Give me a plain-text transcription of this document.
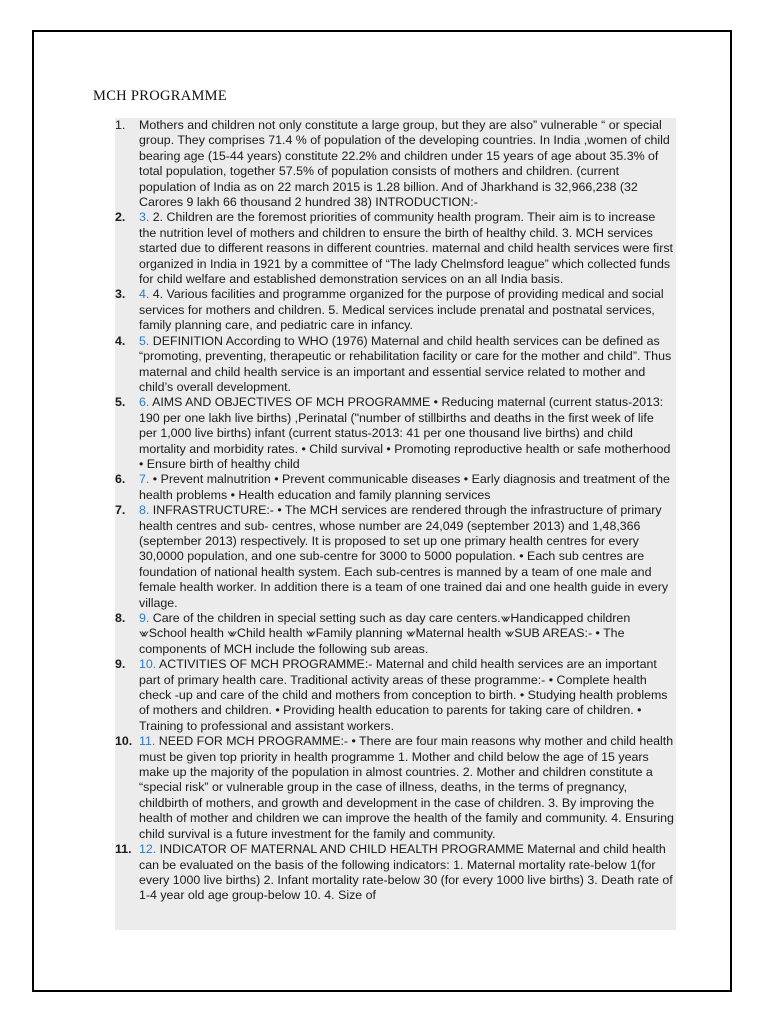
MCH PROGRAMME
1.	Mothers and children not only constitute a large group, but they are also” vulnerable “ or special group. They comprises 71.4 % of population of the developing countries. In India ,women of child bearing age (15-44 years) constitute 22.2% and children under 15 years of age about 35.3% of total population, together 57.5% of population consists of mothers and children. (current population of India as on 22 march 2015 is 1.28 billion. And of Jharkhand is 32,966,238 (32 Carores 9 lakh 66 thousand 2 hundred 38) INTRODUCTION:-
2.	3. 2. Children are the foremost priorities of community health program. Their aim is to increase the nutrition level of mothers and children to ensure the birth of healthy child. 3. MCH services started due to different reasons in different countries. maternal and child health services were first organized in India in 1921 by a committee of “The lady Chelmsford league” which collected funds for child welfare and established demonstration services on an all India basis.
3.	4. 4. Various facilities and programme organized for the purpose of providing medical and social services for mothers and children. 5. Medical services include prenatal and postnatal services, family planning care, and pediatric care in infancy.
4.	5. DEFINITION According to WHO (1976) Maternal and child health services can be defined as “promoting, preventing, therapeutic or rehabilitation facility or care for the mother and child”. Thus maternal and child health service is an important and essential service related to mother and child’s overall development.
5.	6. AIMS AND OBJECTIVES OF MCH PROGRAMME • Reducing maternal (current status-2013: 190 per one lakh live births) ,Perinatal ("number of stillbirths and deaths in the first week of life per 1,000 live births) infant (current status-2013: 41 per one thousand live births) and child mortality and morbidity rates. • Child survival • Promoting reproductive health or safe motherhood • Ensure birth of healthy child
6.	7. • Prevent malnutrition • Prevent communicable diseases • Early diagnosis and treatment of the health problems • Health education and family planning services
7.	8. INFRASTRUCTURE:- • The MCH services are rendered through the infrastructure of primary health centres and sub- centres, whose number are 24,049 (september 2013) and 1,48,366 (september 2013) respectively. It is proposed to set up one primary health centres for every 30,0000 population, and one sub-centre for 3000 to 5000 population. • Each sub centres are foundation of national health system. Each sub-centres is manned by a team of one male and female health worker. In addition there is a team of one trained dai and one health guide in every village.
8.	9. Care of the children in special setting such as day care centers.⩖Handicapped children ⩖School health ⩖Child health ⩖Family planning ⩖Maternal health ⩖SUB AREAS:- • The components of MCH include the following sub areas.
9.	10. ACTIVITIES OF MCH PROGRAMME:- Maternal and child health services are an important part of primary health care. Traditional activity areas of these programme:- • Complete health check -up and care of the child and mothers from conception to birth. • Studying health problems of mothers and children. • Providing health education to parents for taking care of children. • Training to professional and assistant workers.
10. 11. NEED FOR MCH PROGRAMME:- • There are four main reasons why mother and child health must be given top priority in health programme 1. Mother and child below the age of 15 years make up the majority of the population in almost countries. 2. Mother and children constitute a “special risk” or vulnerable group in the case of illness, deaths, in the terms of pregnancy, childbirth of mothers, and growth and development in the case of children. 3. By improving the health of mother and children we can improve the health of the family and community. 4. Ensuring child survival is a future investment for the family and community.
11. 12. INDICATOR OF MATERNAL AND CHILD HEALTH PROGRAMME Maternal and child health can be evaluated on the basis of the following indicators: 1. Maternal mortality rate-below 1(for every 1000 live births) 2. Infant mortality rate-below 30 (for every 1000 live births) 3. Death rate of 1-4 year old age group-below 10. 4. Size of
